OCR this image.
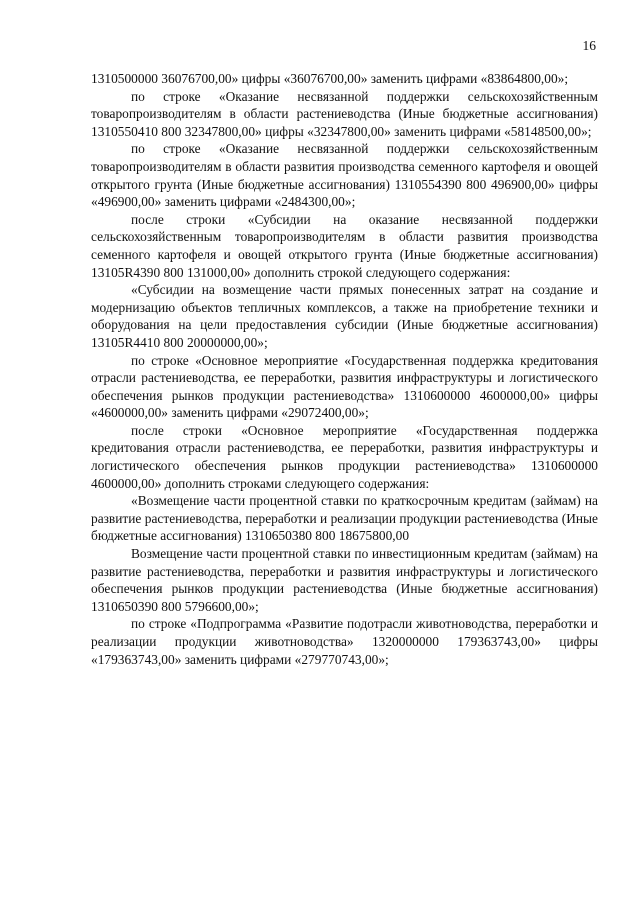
16

1310500000 36076700,00» цифры «36076700,00» заменить цифрами «83864800,00»;

по строке «Оказание несвязанной поддержки сельскохозяйственным товаропроизводителям в области растениеводства (Иные бюджетные ассигнования) 1310550410 800 32347800,00» цифры «32347800,00» заменить цифрами «58148500,00»;

по строке «Оказание несвязанной поддержки сельскохозяйственным товаропроизводителям в области развития производства семенного картофеля и овощей открытого грунта (Иные бюджетные ассигнования) 1310554390 800 496900,00» цифры «496900,00» заменить цифрами «2484300,00»;

после строки «Субсидии на оказание несвязанной поддержки сельскохозяйственным товаропроизводителям в области развития производства семенного картофеля и овощей открытого грунта (Иные бюджетные ассигнования) 13105R4390 800 131000,00» дополнить строкой следующего содержания:

«Субсидии на возмещение части прямых понесенных затрат на создание и модернизацию объектов тепличных комплексов, а также на приобретение техники и оборудования на цели предоставления субсидии (Иные бюджетные ассигнования) 13105R4410 800 20000000,00»;

по строке «Основное мероприятие «Государственная поддержка кредитования отрасли растениеводства, ее переработки, развития инфраструктуры и логистического обеспечения рынков продукции растениеводства» 1310600000 4600000,00» цифры «4600000,00» заменить цифрами «29072400,00»;

после строки «Основное мероприятие «Государственная поддержка кредитования отрасли растениеводства, ее переработки, развития инфраструктуры и логистического обеспечения рынков продукции растениеводства» 1310600000 4600000,00» дополнить строками следующего содержания:

«Возмещение части процентной ставки по краткосрочным кредитам (займам) на развитие растениеводства, переработки и реализации продукции растениеводства (Иные бюджетные ассигнования) 1310650380 800 18675800,00

Возмещение части процентной ставки по инвестиционным кредитам (займам) на развитие растениеводства, переработки и развития инфраструктуры и логистического обеспечения рынков продукции растениеводства (Иные бюджетные ассигнования) 1310650390 800 5796600,00»;

по строке «Подпрограмма «Развитие подотрасли животноводства, переработки и реализации продукции животноводства» 1320000000 179363743,00» цифры «179363743,00» заменить цифрами «279770743,00»;
